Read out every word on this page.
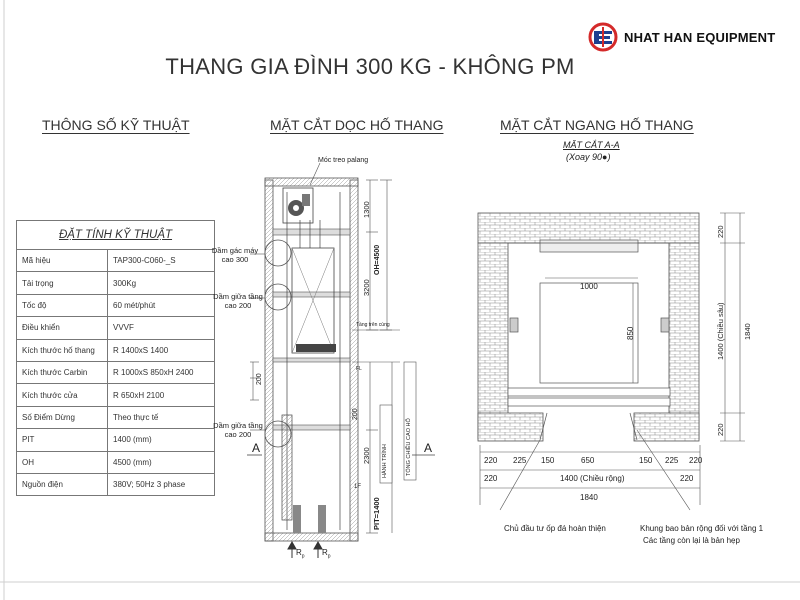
NHAT HAN EQUIPMENT
THANG GIA ĐÌNH 300 KG - KHÔNG PM
THÔNG SỐ KỸ THUẬT	MẶT CẮT DỌC HỐ THANG	MẶT CẮT NGANG HỐ THANG
ĐẶT TÍNH KỸ THUẬT	
Mã hiệu	TAP300-C060-_S
Tải trọng	300Kg
Tốc độ	60 mét/phút
Điều khiển	VVVF
Kích thước hố thang	R 1400xS 1400
Kích thước Carbin	R 1000xS 850xH 2400
Kích thước cửa	R 650xH 2100
Số Điểm Dừng	Theo thực tế
PIT	1400 (mm)
OH	4500 (mm)
Nguồn điện	380V; 50Hz 3 phase
Móc treo palang
Dầm gác máy
cao 300
Dầm giữa tầng
cao 200
Dầm giữa tầng
cao 200
Tầng trên cùng
OH=4500
1300
3200
2300
200
200
PIT=1400
HÀNH TRÌNH	TỔNG CHIỀU CAO HỐ
A	A
1F
FL
$R_p$ $R_p$
MẶT CẮT A-A
(Xoay 90●)
1000
850	1400 (Chiều sâu) 1840
220
220
220	225	150	650	150	225	220
220	1400 (Chiều rộng)	220
1840
Chủ đầu tư ốp đá hoàn thiện	Khung bao bản rộng đối với tầng 1
Các tầng còn lại là bản hẹp
